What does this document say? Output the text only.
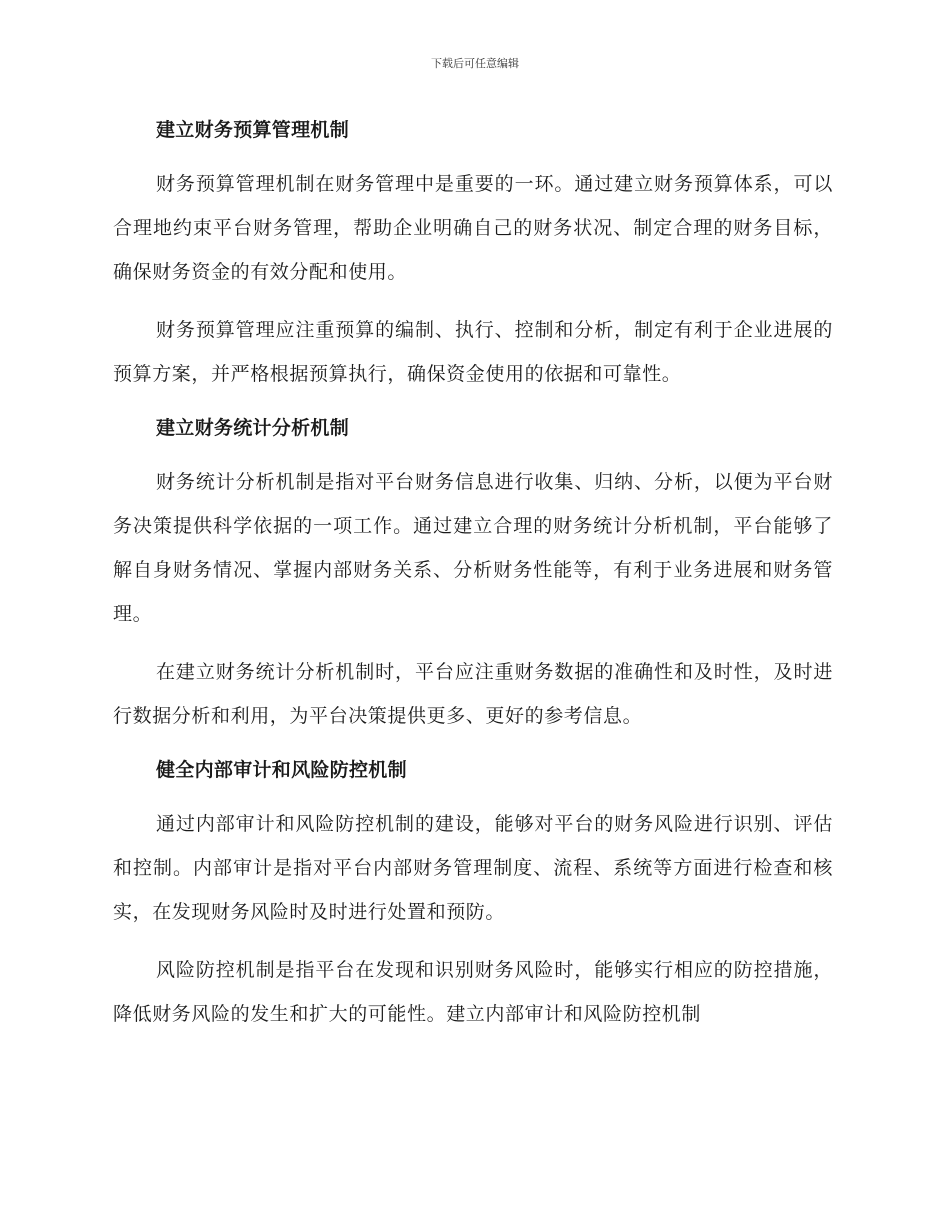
下载后可任意编辑

建立财务预算管理机制

财务预算管理机制在财务管理中是重要的一环。通过建立财务预算体系，可以合理地约束平台财务管理，帮助企业明确自己的财务状况、制定合理的财务目标，确保财务资金的有效分配和使用。

财务预算管理应注重预算的编制、执行、控制和分析，制定有利于企业进展的预算方案，并严格根据预算执行，确保资金使用的依据和可靠性。

建立财务统计分析机制

财务统计分析机制是指对平台财务信息进行收集、归纳、分析，以便为平台财务决策提供科学依据的一项工作。通过建立合理的财务统计分析机制，平台能够了解自身财务情况、掌握内部财务关系、分析财务性能等，有利于业务进展和财务管理。

在建立财务统计分析机制时，平台应注重财务数据的准确性和及时性，及时进行数据分析和利用，为平台决策提供更多、更好的参考信息。

健全内部审计和风险防控机制

通过内部审计和风险防控机制的建设，能够对平台的财务风险进行识别、评估和控制。内部审计是指对平台内部财务管理制度、流程、系统等方面进行检查和核实，在发现财务风险时及时进行处置和预防。

风险防控机制是指平台在发现和识别财务风险时，能够实行相应的防控措施，降低财务风险的发生和扩大的可能性。建立内部审计和风险防控机制
